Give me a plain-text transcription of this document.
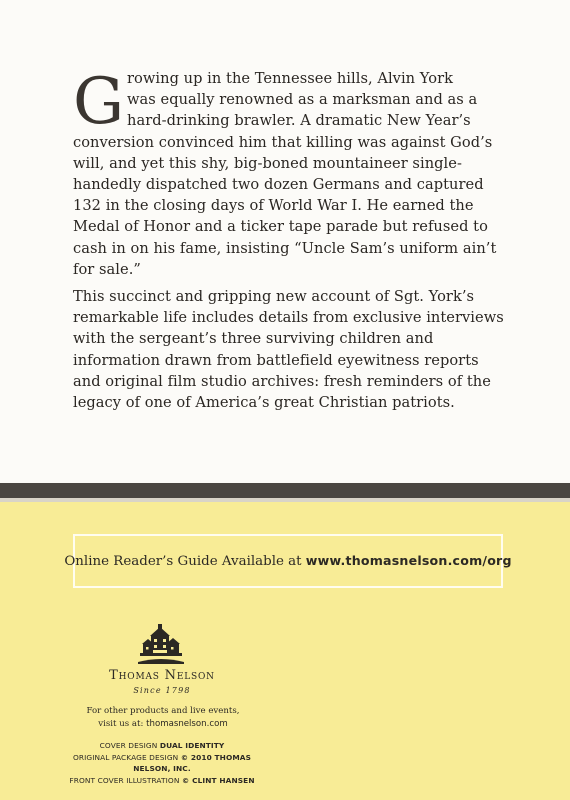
G rowing up in the Tennessee hills, Alvin York
was equally renowned as a marksman and as a
hard-drinking brawler. A dramatic New Year’s
conversion convinced him that killing was against God’s
will, and yet this shy, big-boned mountaineer single-
handedly dispatched two dozen Germans and captured
132 in the closing days of World War I. He earned the
Medal of Honor and a ticker tape parade but refused to
cash in on his fame, insisting “Uncle Sam’s uniform ain’t
for sale.”

This succinct and gripping new account of Sgt. York’s
remarkable life includes details from exclusive interviews
with the sergeant’s three surviving children and
information drawn from battlefield eyewitness reports
and original film studio archives: fresh reminders of the
legacy of one of America’s great Christian patriots.

Online Reader’s Guide Available at www.thomasnelson.com/org
Thomas Nelson
Since 1798
For other products and live events,
visit us at: thomasnelson.com
COVER DESIGN DUAL IDENTITY
ORIGINAL PACKAGE DESIGN © 2010 THOMAS NELSON, INC.
FRONT COVER ILLUSTRATION © CLINT HANSEN
